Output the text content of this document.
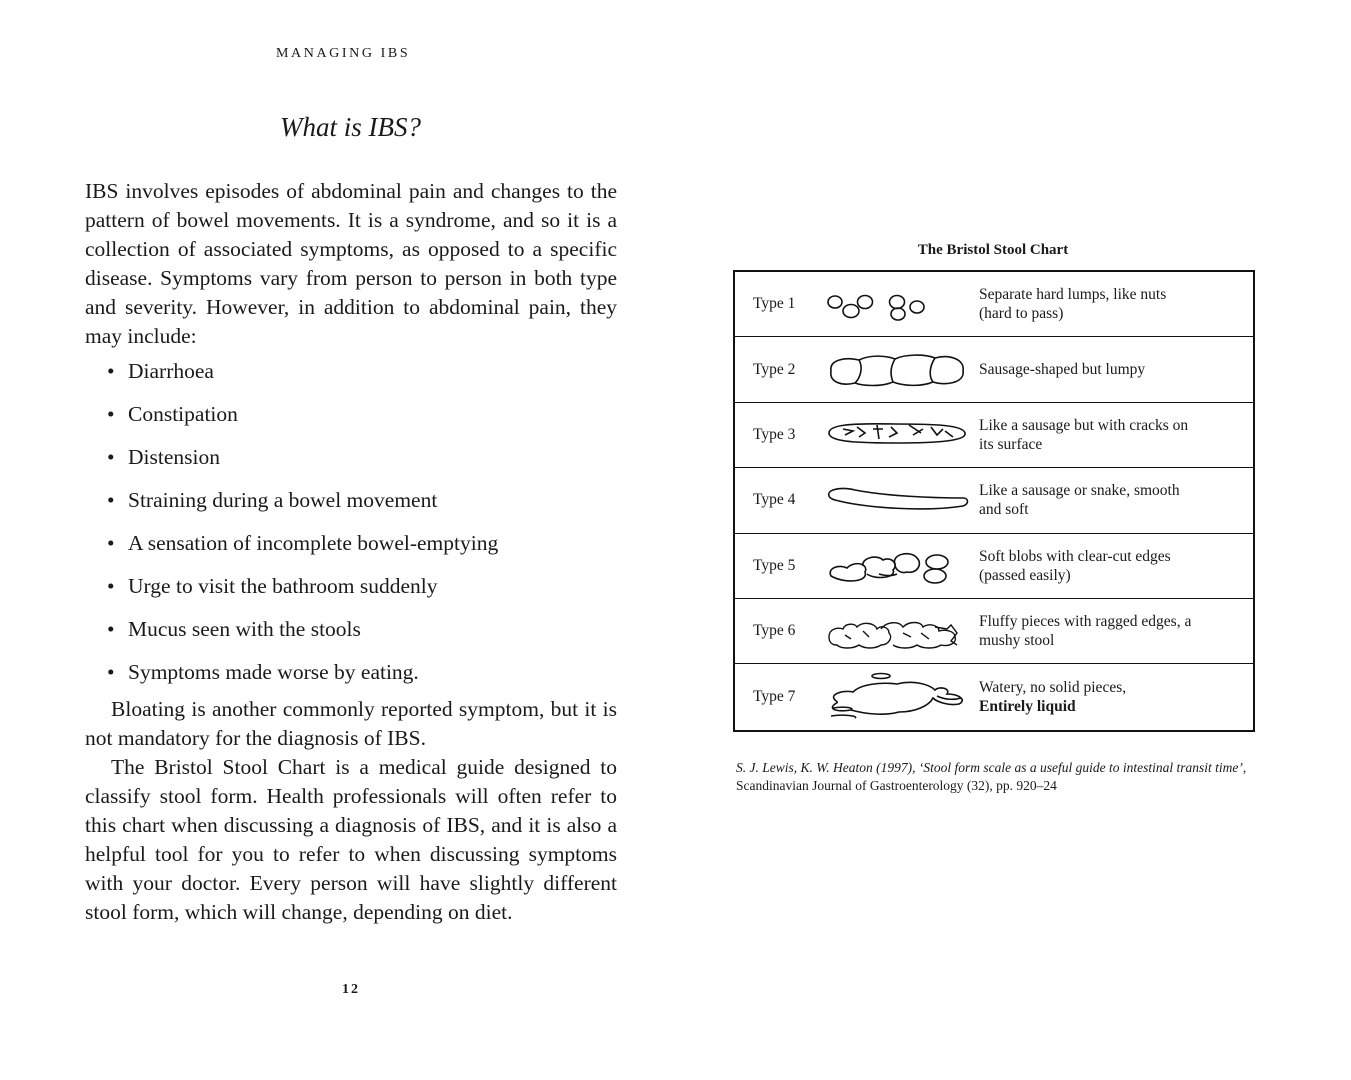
MANAGING IBS
What is IBS?

IBS involves episodes of abdominal pain and changes to the pattern of bowel movements. It is a syndrome, and so it is a collection of associated symptoms, as opposed to a specific disease. Symptoms vary from person to person in both type and severity. However, in addition to abdominal pain, they may include:

• Diarrhoea
• Constipation
• Distension
• Straining during a bowel movement
• A sensation of incomplete bowel-emptying
• Urge to visit the bathroom suddenly
• Mucus seen with the stools
• Symptoms made worse by eating.

Bloating is another commonly reported symptom, but it is not mandatory for the diagnosis of IBS.

The Bristol Stool Chart is a medical guide designed to classify stool form. Health professionals will often refer to this chart when discussing a diagnosis of IBS, and it is also a helpful tool for you to refer to when discussing symptoms with your doctor. Every person will have slightly different stool form, which will change, depending on diet.

12
The Bristol Stool Chart
Type 1
Separate hard lumps, like nuts
(hard to pass)
Type 2	Sausage-shaped but lumpy
Type 3
Like a sausage but with cracks on
its surface
Type 4
Like a sausage or snake, smooth
and soft
Type 5
Soft blobs with clear-cut edges
(passed easily)
Type 6
Fluffy pieces with ragged edges, a
mushy stool
Type 7
Watery, no solid pieces,
Entirely liquid
S. J. Lewis, K. W. Heaton (1997), ‘Stool form scale as a useful guide to intestinal transit time’,
Scandinavian Journal of Gastroenterology (32), pp. 920–24
